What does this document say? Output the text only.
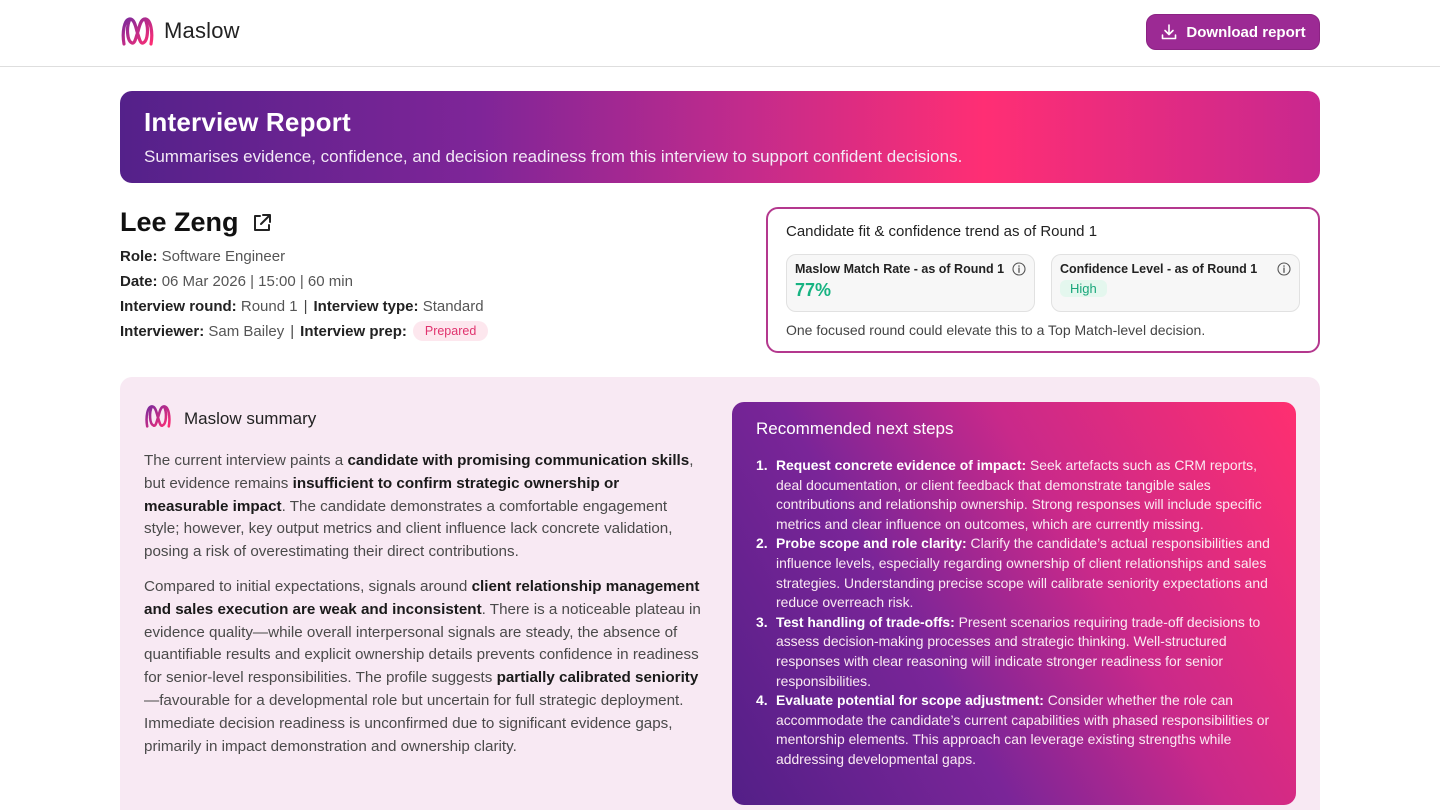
Maslow	Download report
Interview Report

Summarises evidence, confidence, and decision readiness from this interview to support confident decisions.

Lee Zeng
Role: Software Engineer
Date: 06 Mar 2026 | 15:00 | 60 min
Interview round: Round 1 | Interview type: Standard
Interviewer: Sam Bailey | Interview prep: Prepared
Candidate fit & confidence trend as of Round 1
Maslow Match Rate - as of Round 1
77%
Confidence Level - as of Round 1
High
One focused round could elevate this to a Top Match-level decision.
Maslow summary

The current interview paints a candidate with promising communication skills, but evidence remains insufficient to confirm strategic ownership or measurable impact. The candidate demonstrates a comfortable engagement style; however, key output metrics and client influence lack concrete validation, posing a risk of overestimating their direct contributions.

Compared to initial expectations, signals around client relationship management and sales execution are weak and inconsistent. There is a noticeable plateau in evidence quality—while overall interpersonal signals are steady, the absence of quantifiable results and explicit ownership details prevents confidence in readiness for senior-level responsibilities. The profile suggests partially calibrated seniority—favourable for a developmental role but uncertain for full strategic deployment. Immediate decision readiness is unconfirmed due to significant evidence gaps, primarily in impact demonstration and ownership clarity.

Recommended next steps
1. Request concrete evidence of impact: Seek artefacts such as CRM reports, deal documentation, or client feedback that demonstrate tangible sales contributions and relationship ownership. Strong responses will include specific metrics and clear influence on outcomes, which are currently missing.
2. Probe scope and role clarity: Clarify the candidate’s actual responsibilities and influence levels, especially regarding ownership of client relationships and sales strategies. Understanding precise scope will calibrate seniority expectations and reduce overreach risk.
3. Test handling of trade-offs: Present scenarios requiring trade-off decisions to assess decision-making processes and strategic thinking. Well-structured responses with clear reasoning will indicate stronger readiness for senior responsibilities.
4. Evaluate potential for scope adjustment: Consider whether the role can accommodate the candidate’s current capabilities with phased responsibilities or mentorship elements. This approach can leverage existing strengths while addressing developmental gaps.
